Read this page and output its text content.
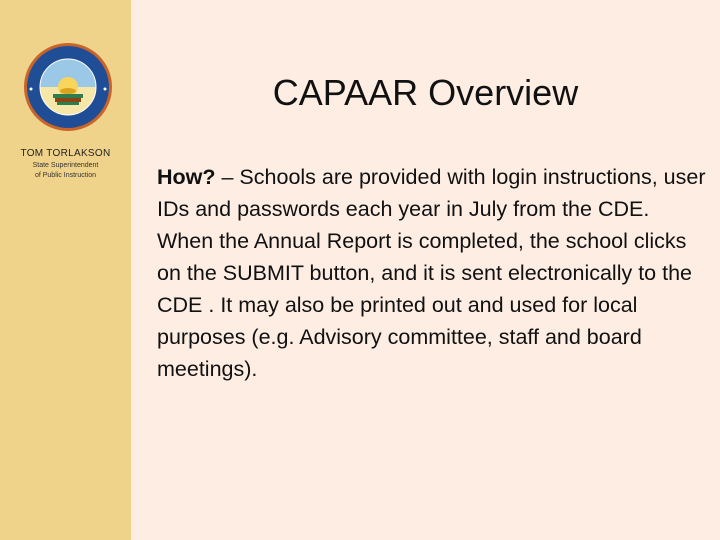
TOM TORLAKSON
State Superintendent
of Public Instruction
CAPAAR Overview
How? – Schools are provided with login instructions, user IDs and passwords each year in July from the CDE. When the Annual Report is completed, the school clicks on the SUBMIT button, and it is sent electronically to the CDE . It may also be printed out and used for local purposes (e.g. Advisory committee, staff and board meetings).
